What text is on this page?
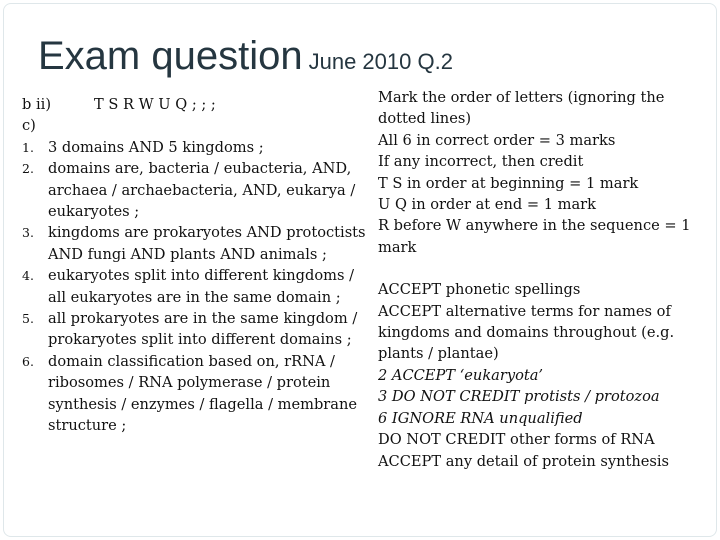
Exam question June 2010 Q.2
b ii)	T S R W U Q ; ; ;
c)
1. 3 domains AND 5 kingdoms ;
2. domains are, bacteria / eubacteria, AND, archaea / archaebacteria, AND, eukarya / eukaryotes ;
3. kingdoms are prokaryotes AND protoctists AND fungi AND plants AND animals ;
4. eukaryotes split into different kingdoms / all eukaryotes are in the same domain ;
5. all prokaryotes are in the same kingdom / prokaryotes split into different domains ;
6. domain classification based on, rRNA / ribosomes / RNA polymerase / protein synthesis / enzymes / flagella / membrane structure ;
Mark the order of letters (ignoring the dotted lines)
All 6 in correct order = 3 marks
If any incorrect, then credit
T S in order at beginning = 1 mark
U Q in order at end = 1 mark
R before W anywhere in the sequence = 1 mark
ACCEPT phonetic spellings
ACCEPT alternative terms for names of kingdoms and domains throughout (e.g. plants / plantae)
2 ACCEPT ‘eukaryota’
3 DO NOT CREDIT protists / protozoa
6 IGNORE RNA unqualified
DO NOT CREDIT other forms of RNA
ACCEPT any detail of protein synthesis
